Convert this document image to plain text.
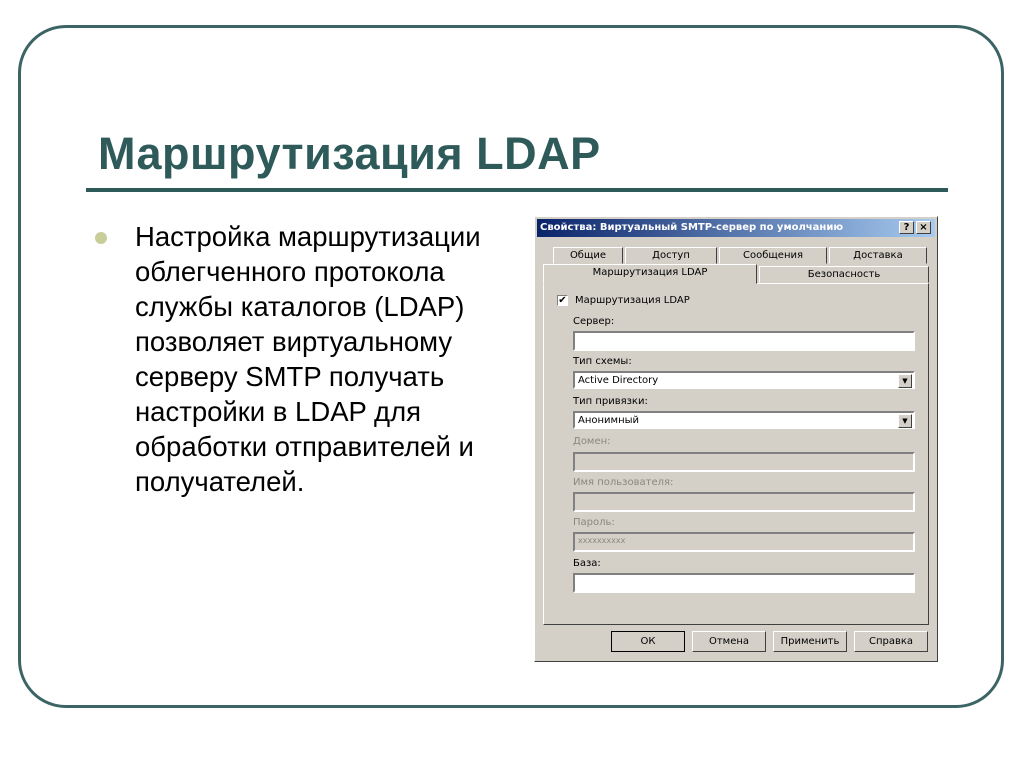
Маршрутизация LDAP

Настройка маршрутизации облегченного протокола службы каталогов (LDAP) позволяет виртуальному серверу SMTP получать настройки в LDAP для обработки отправителей и получателей.

Свойства: Виртуальный SMTP-сервер по умолчанию	? ×
Общие	Доступ	Сообщения	Доставка
Маршрутизация LDAP	Безопасность
✔ Маршрутизация LDAP
Сервер:
Тип схемы:
Active Directory	▼
Тип привязки:
Анонимный	▼
Домен:
Имя пользователя:
Пароль:
xxxxxxxxxx
База:
ОК	Отмена	Применить	Справка
